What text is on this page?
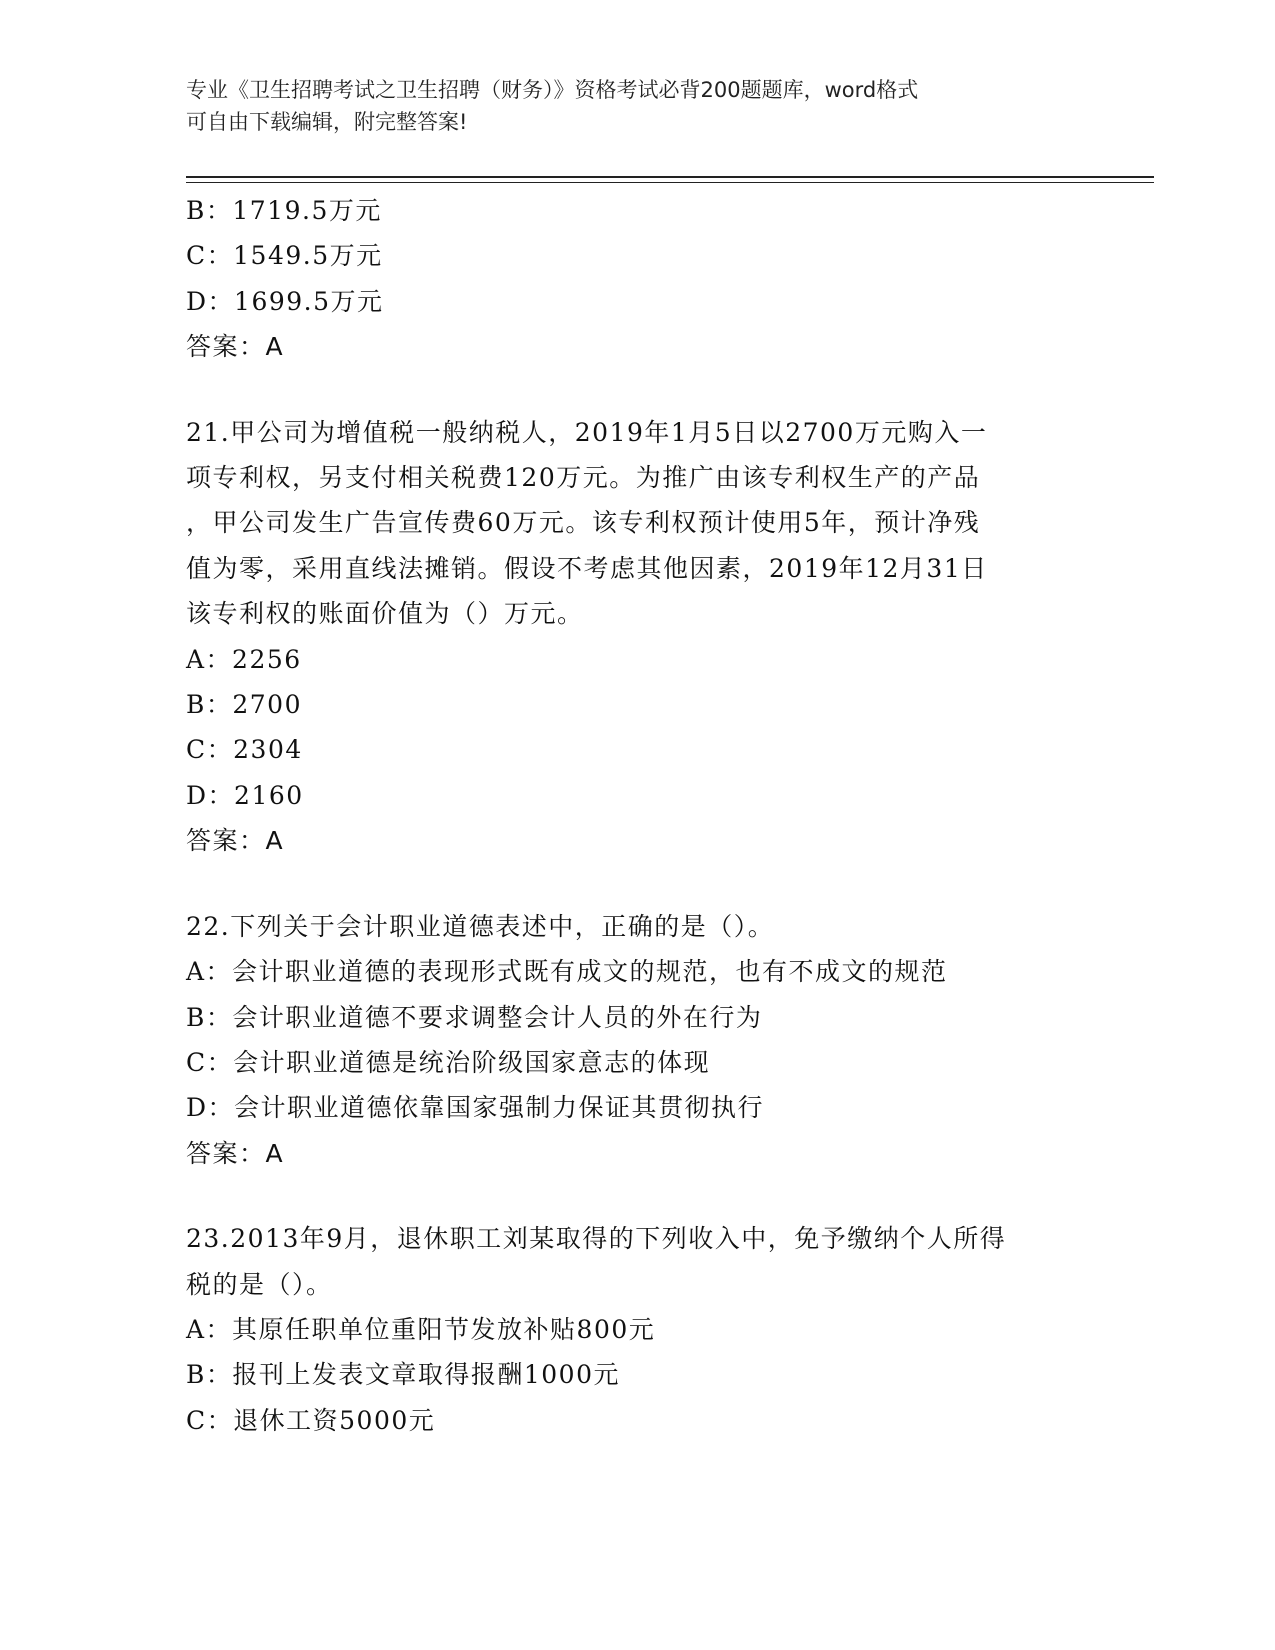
专业《卫生招聘考试之卫生招聘（财务）》资格考试必背200题题库，word格式
可自由下载编辑，附完整答案!
B：1719.5万元
C：1549.5万元
D：1699.5万元
答案：A
21.甲公司为增值税一般纳税人，2019年1月5日以2700万元购入一
项专利权，另支付相关税费120万元。为推广由该专利权生产的产品
，甲公司发生广告宣传费60万元。该专利权预计使用5年，预计净残
值为零，采用直线法摊销。假设不考虑其他因素，2019年12月31日
该专利权的账面价值为（）万元。
A：2256
B：2700
C：2304
D：2160
答案：A
22.下列关于会计职业道德表述中，正确的是（）。
A：会计职业道德的表现形式既有成文的规范，也有不成文的规范
B：会计职业道德不要求调整会计人员的外在行为
C：会计职业道德是统治阶级国家意志的体现
D：会计职业道德依靠国家强制力保证其贯彻执行
答案：A
23.2013年9月，退休职工刘某取得的下列收入中，免予缴纳个人所得
税的是（）。
A：其原任职单位重阳节发放补贴800元
B：报刊上发表文章取得报酬1000元
C：退休工资5000元
